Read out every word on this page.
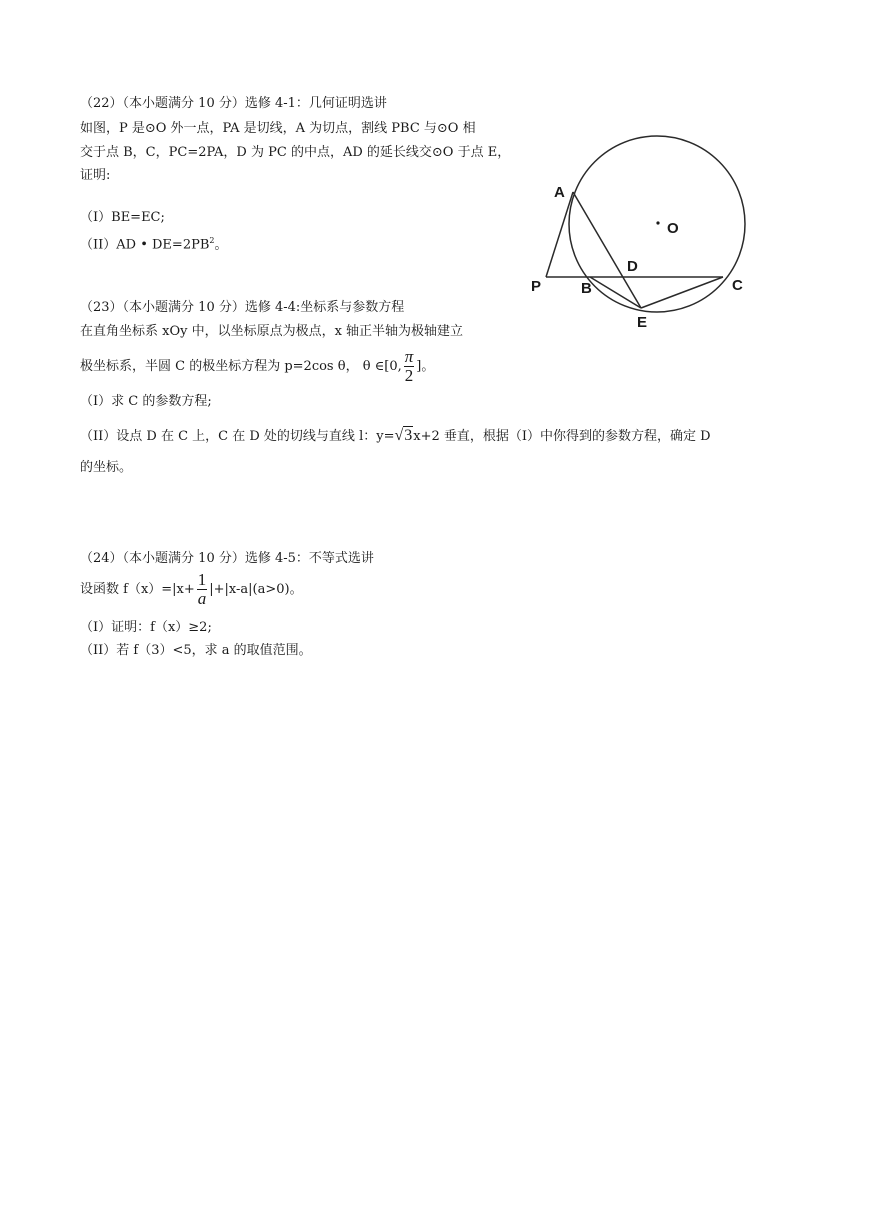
（22）（本小题满分 10 分）选修 4-1：几何证明选讲
如图，P 是⊙O 外一点，PA 是切线，A 为切点，割线 PBC 与⊙O 相
交于点 B，C，PC=2PA，D 为 PC 的中点，AD 的延长线交⊙O 于点 E，
证明:
（I）BE=EC;
（II）AD • $DE=2PB^2$。
A
O
D
P	B	C
E
（23）（本小题满分 10 分）选修 4-4:坐标系与参数方程
在直角坐标系 xOy 中，以坐标原点为极点，x 轴正半轴为极轴建立
极坐标系，半圆 C 的极坐标方程为 p=2cos θ， θ ∈[0, $\frac{\pi}{2}$ ]。
（I）求 C 的参数方程;
（II）设点 D 在 C 上，C 在 D 处的切线与直线 l：y=√3x+2 垂直，根据（I）中你得到的参数方程，确定 D
的坐标。
（24）（本小题满分 10 分）选修 4-5：不等式选讲
设函数 $f(x)=|x+ \frac{1}{a} |+|x-a|(a>0)$。
（I）证明：f（x）≥2;
（II）若 f（3）<5，求 a 的取值范围。
